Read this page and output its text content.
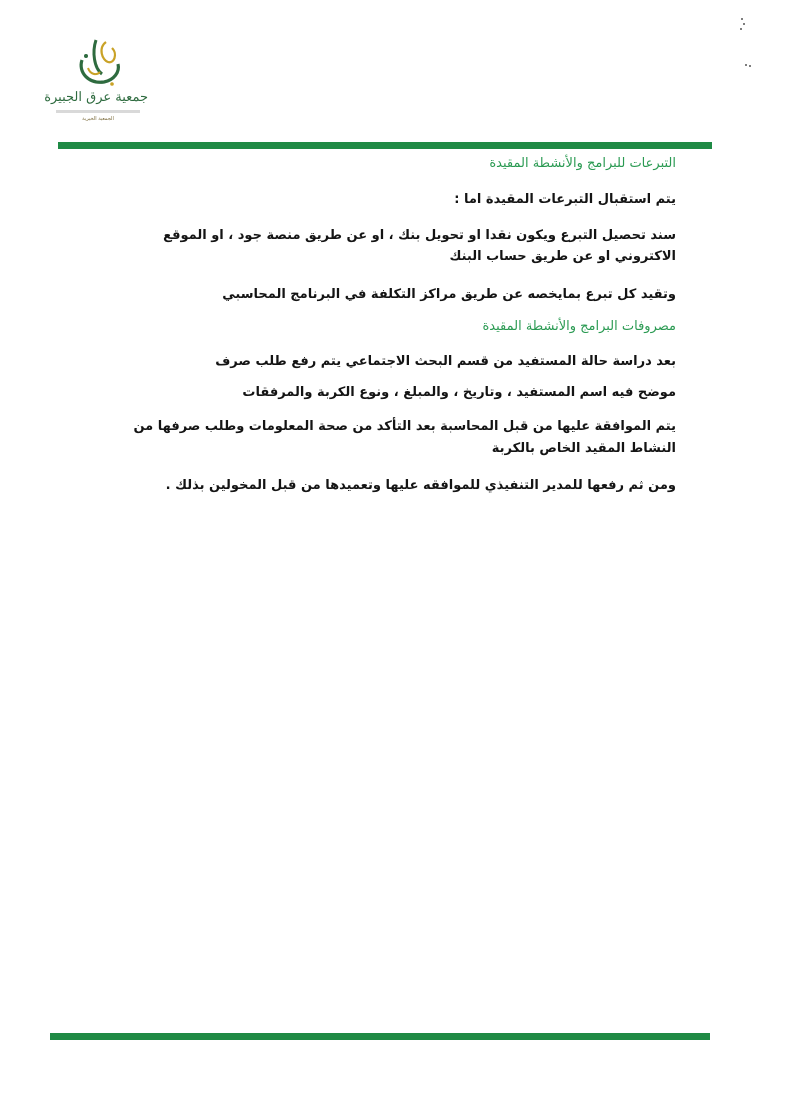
جمعية عرق الجبيرة
الجمعية الخيرية
التبرعات للبرامج والأنشطة المقيدة
يتم استقبال التبرعات المقيدة اما :
سند تحصيل التبرع ويكون نقدا او تحويل بنك ، او عن طريق منصة جود ، او الموقع
الاكتروني او عن طريق حساب البنك
وتقيد كل تبرع بمايخصه عن طريق مراكز التكلفة في البرنامج المحاسبي
مصروفات البرامج والأنشطة المقيدة
بعد دراسة حالة المستفيد من قسم البحث الاجتماعي يتم رفع طلب صرف
موضح فيه اسم المستفيد ، وتاريخ ، والمبلغ ، ونوع الكربة والمرفقات
يتم الموافقة عليها من قبل المحاسبة بعد التأكد من صحة المعلومات وطلب صرفها من
النشاط المقيد الخاص بالكربة
ومن ثم رفعها للمدير التنفيذي للموافقه عليها وتعميدها من قبل المخولين بذلك .
